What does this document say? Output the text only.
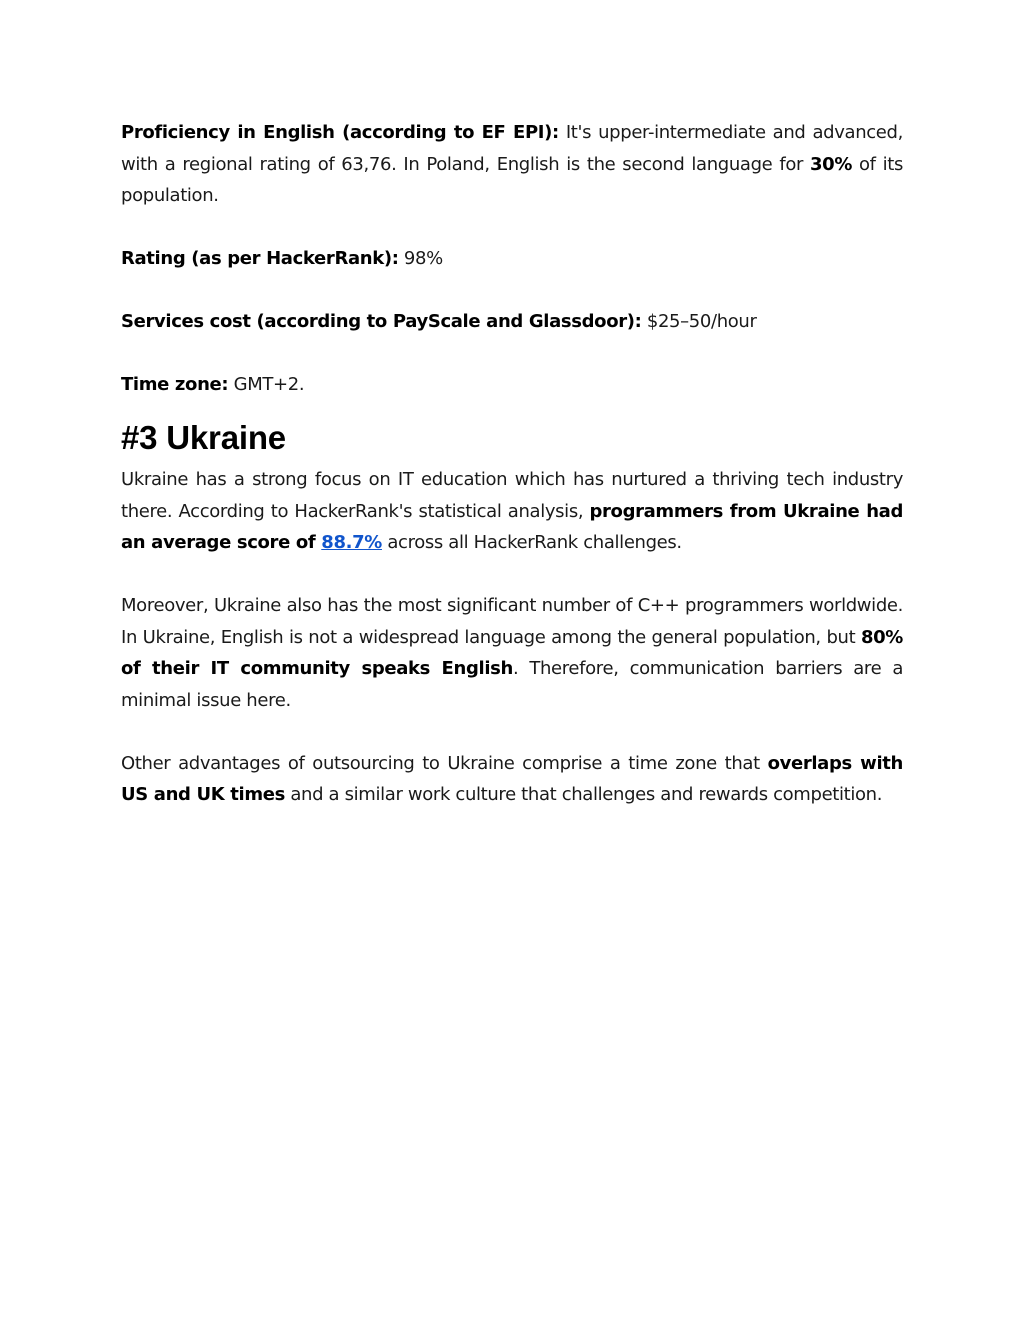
Proficiency in English (according to EF EPI): It's upper-intermediate and advanced, with a regional rating of 63,76. In Poland, English is the second language for 30% of its population.

Rating (as per HackerRank): 98%

Services cost (according to PayScale and Glassdoor): $25–50/hour

Time zone: GMT+2.

#3 Ukraine

Ukraine has a strong focus on IT education which has nurtured a thriving tech industry there. According to HackerRank's statistical analysis, programmers from Ukraine had an average score of 88.7% across all HackerRank challenges.

Moreover, Ukraine also has the most significant number of C++ programmers worldwide. In Ukraine, English is not a widespread language among the general population, but 80% of their IT community speaks English. Therefore, communication barriers are a minimal issue here.

Other advantages of outsourcing to Ukraine comprise a time zone that overlaps with US and UK times and a similar work culture that challenges and rewards competition.
